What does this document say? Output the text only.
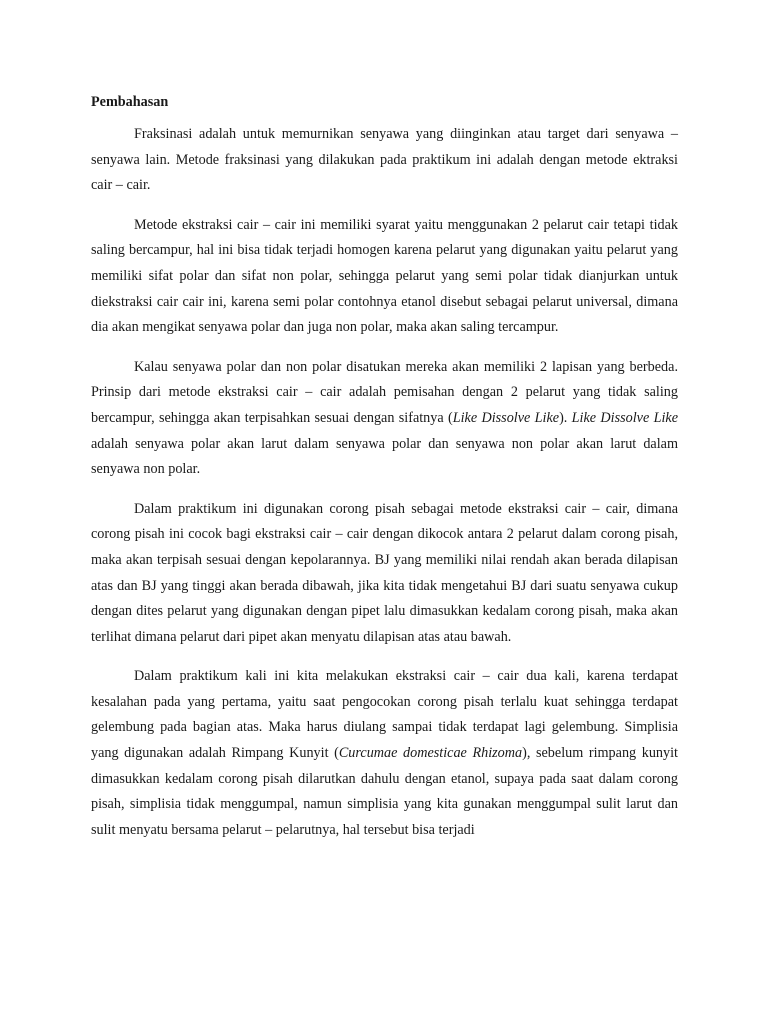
Pembahasan

Fraksinasi adalah untuk memurnikan senyawa yang diinginkan atau target dari senyawa – senyawa lain. Metode fraksinasi yang dilakukan pada praktikum ini adalah dengan metode ektraksi cair – cair.

Metode ekstraksi cair – cair ini memiliki syarat yaitu menggunakan 2 pelarut cair tetapi tidak saling bercampur, hal ini bisa tidak terjadi homogen karena pelarut yang digunakan yaitu pelarut yang memiliki sifat polar dan sifat non polar, sehingga pelarut yang semi polar tidak dianjurkan untuk diekstraksi cair cair ini, karena semi polar contohnya etanol disebut sebagai pelarut universal, dimana dia akan mengikat senyawa polar dan juga non polar, maka akan saling tercampur.

Kalau senyawa polar dan non polar disatukan mereka akan memiliki 2 lapisan yang berbeda. Prinsip dari metode ekstraksi cair – cair adalah pemisahan dengan 2 pelarut yang tidak saling bercampur, sehingga akan terpisahkan sesuai dengan sifatnya (Like Dissolve Like). Like Dissolve Like adalah senyawa polar akan larut dalam senyawa polar dan senyawa non polar akan larut dalam senyawa non polar.

Dalam praktikum ini digunakan corong pisah sebagai metode ekstraksi cair – cair, dimana corong pisah ini cocok bagi ekstraksi cair – cair dengan dikocok antara 2 pelarut dalam corong pisah, maka akan terpisah sesuai dengan kepolarannya. BJ yang memiliki nilai rendah akan berada dilapisan atas dan BJ yang tinggi akan berada dibawah, jika kita tidak mengetahui BJ dari suatu senyawa cukup dengan dites pelarut yang digunakan dengan pipet lalu dimasukkan kedalam corong pisah, maka akan terlihat dimana pelarut dari pipet akan menyatu dilapisan atas atau bawah.

Dalam praktikum kali ini kita melakukan ekstraksi cair – cair dua kali, karena terdapat kesalahan pada yang pertama, yaitu saat pengocokan corong pisah terlalu kuat sehingga terdapat gelembung pada bagian atas. Maka harus diulang sampai tidak terdapat lagi gelembung. Simplisia yang digunakan adalah Rimpang Kunyit (Curcumae domesticae Rhizoma), sebelum rimpang kunyit dimasukkan kedalam corong pisah dilarutkan dahulu dengan etanol, supaya pada saat dalam corong pisah, simplisia tidak menggumpal, namun simplisia yang kita gunakan menggumpal sulit larut dan sulit menyatu bersama pelarut – pelarutnya, hal tersebut bisa terjadi
